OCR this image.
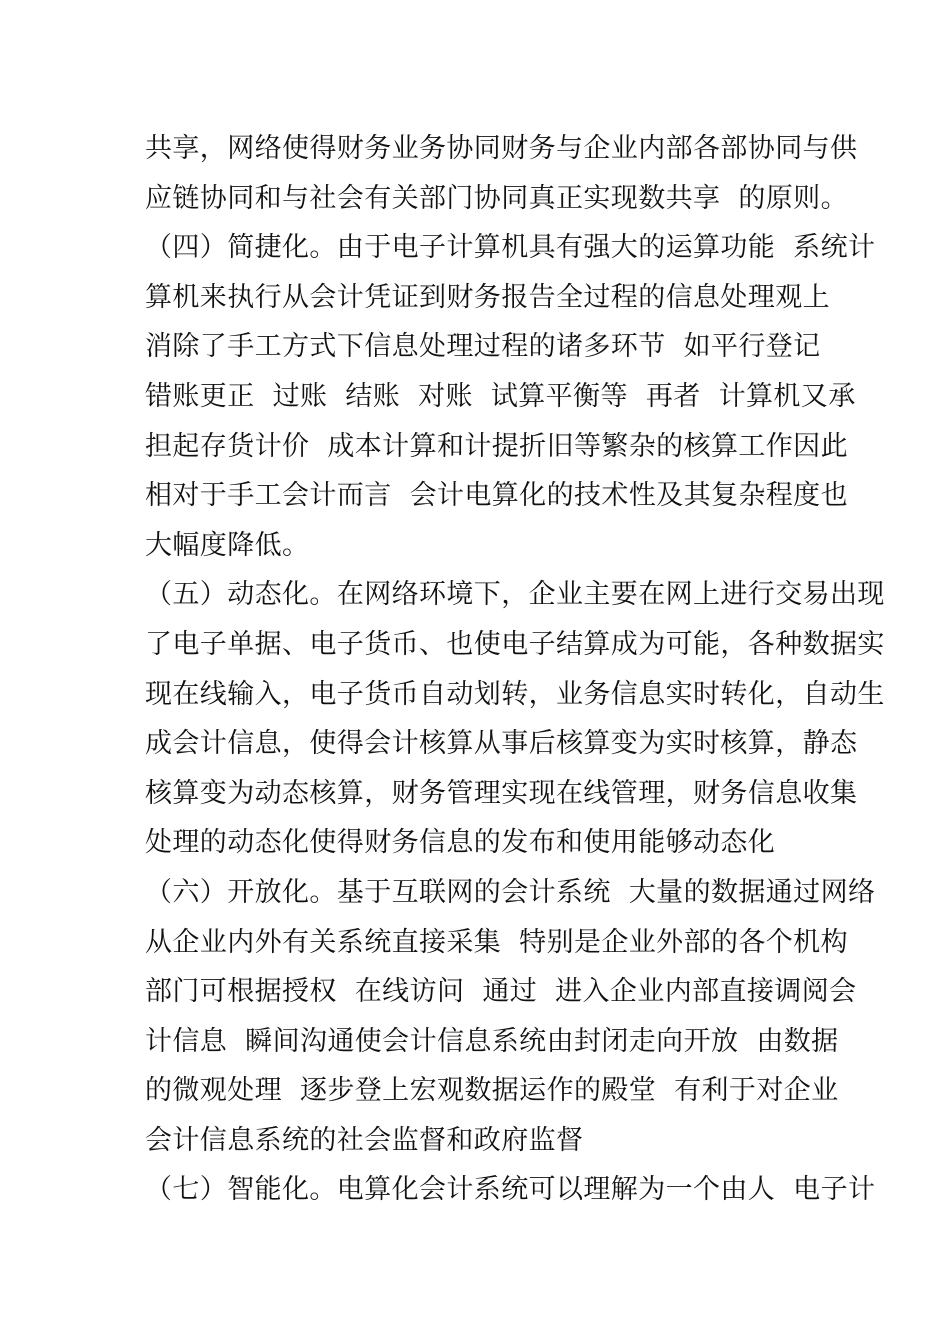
共享，网络使得财务业务协同财务与企业内部各部协同与供
应链协同和与社会有关部门协同真正实现数共享  的原则。
（四）简捷化。由于电子计算机具有强大的运算功能  系统计
算机来执行从会计凭证到财务报告全过程的信息处理观上
消除了手工方式下信息处理过程的诸多环节  如平行登记
错账更正  过账  结账  对账  试算平衡等  再者  计算机又承
担起存货计价  成本计算和计提折旧等繁杂的核算工作因此
相对于手工会计而言  会计电算化的技术性及其复杂程度也
大幅度降低。
（五）动态化。在网络环境下，企业主要在网上进行交易出现
了电子单据、电子货币、也使电子结算成为可能，各种数据实
现在线输入，电子货币自动划转，业务信息实时转化，自动生
成会计信息，使得会计核算从事后核算变为实时核算，静态
核算变为动态核算，财务管理实现在线管理，财务信息收集
处理的动态化使得财务信息的发布和使用能够动态化
（六）开放化。基于互联网的会计系统  大量的数据通过网络
从企业内外有关系统直接采集  特别是企业外部的各个机构
部门可根据授权  在线访问  通过  进入企业内部直接调阅会
计信息  瞬间沟通使会计信息系统由封闭走向开放  由数据
的微观处理  逐步登上宏观数据运作的殿堂  有利于对企业
会计信息系统的社会监督和政府监督
（七）智能化。电算化会计系统可以理解为一个由人  电子计
